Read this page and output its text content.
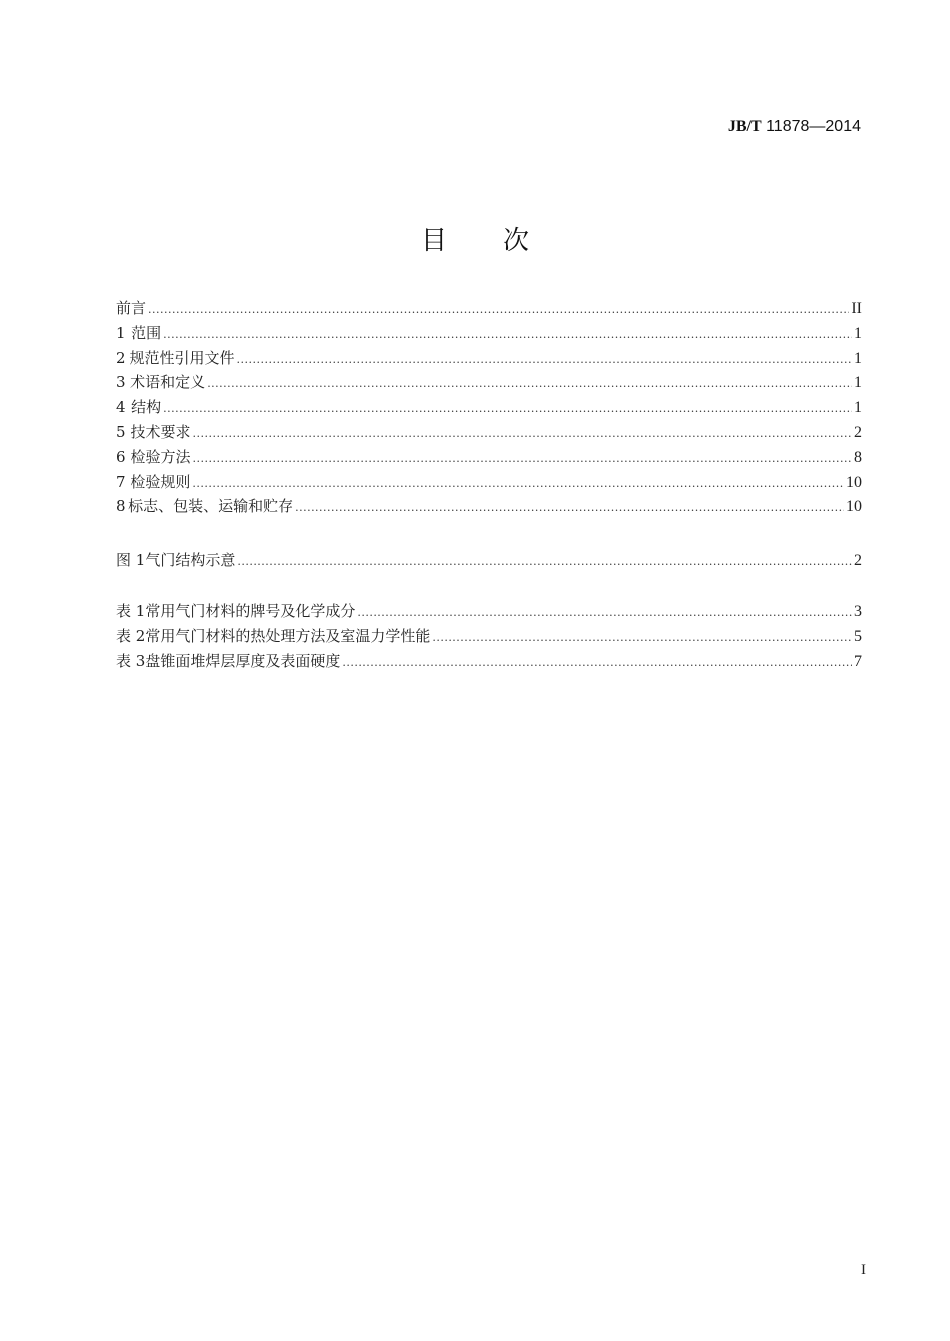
JB/T 11878—2014
目 次
前言 .....	II
1 范围 .....	1
2 规范性引用文件 .....	1
3 术语和定义 .....	1
4 结构 .....	1
5 技术要求 .....	2
6 检验方法 .....	8
7 检验规则 .....	10
8 标志、包装、运输和贮存 .....	10
图 1 气门结构示意 .....	2
表 1 常用气门材料的牌号及化学成分 .....	3
表 2 常用气门材料的热处理方法及室温力学性能 .....	5
表 3 盘锥面堆焊层厚度及表面硬度 .....	7
I
